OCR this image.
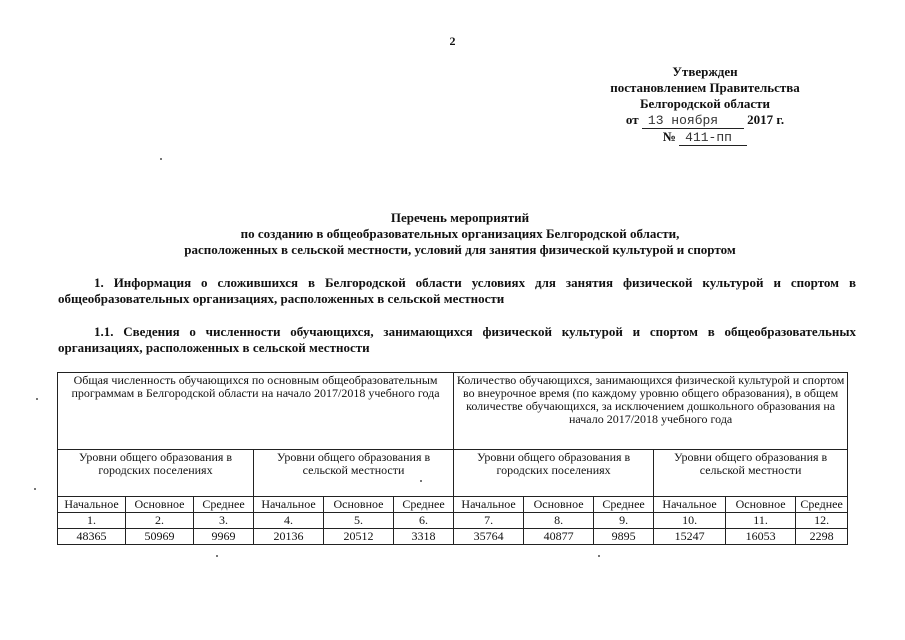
2
Утвержден
постановлением Правительства
Белгородской области
от 13 ноября 2017 г.
№ 411-пп
Перечень мероприятий
по созданию в общеобразовательных организациях Белгородской области,
расположенных в сельской местности, условий для занятия физической культурой и спортом
1. Информация о сложившихся в Белгородской области условиях для занятия физической культурой и спортом в общеобразовательных организациях, расположенных в сельской местности
1.1. Сведения о численности обучающихся, занимающихся физической культурой и спортом в общеобразовательных организациях, расположенных в сельской местности
Общая численность обучающихся по основным общеобразовательным программам в Белгородской области на начало 2017/2018 учебного года						Количество обучающихся, занимающихся физической культурой и спортом во внеурочное время (по каждому уровню общего образования), в общем количестве обучающихся, за исключением дошкольного образования на начало 2017/2018 учебного года					
Уровни общего образования в городских поселениях			Уровни общего образования в сельской местности			Уровни общего образования в городских поселениях			Уровни общего образования в сельской местности		
Начальное	Основное	Среднее	Начальное	Основное	Среднее	Начальное	Основное	Среднее	Начальное	Основное	Среднее
1.	2.	3.	4.	5.	6.	7.	8.	9.	10.	11.	12.
48365	50969	9969	20136	20512	3318	35764	40877	9895	15247	16053	2298
